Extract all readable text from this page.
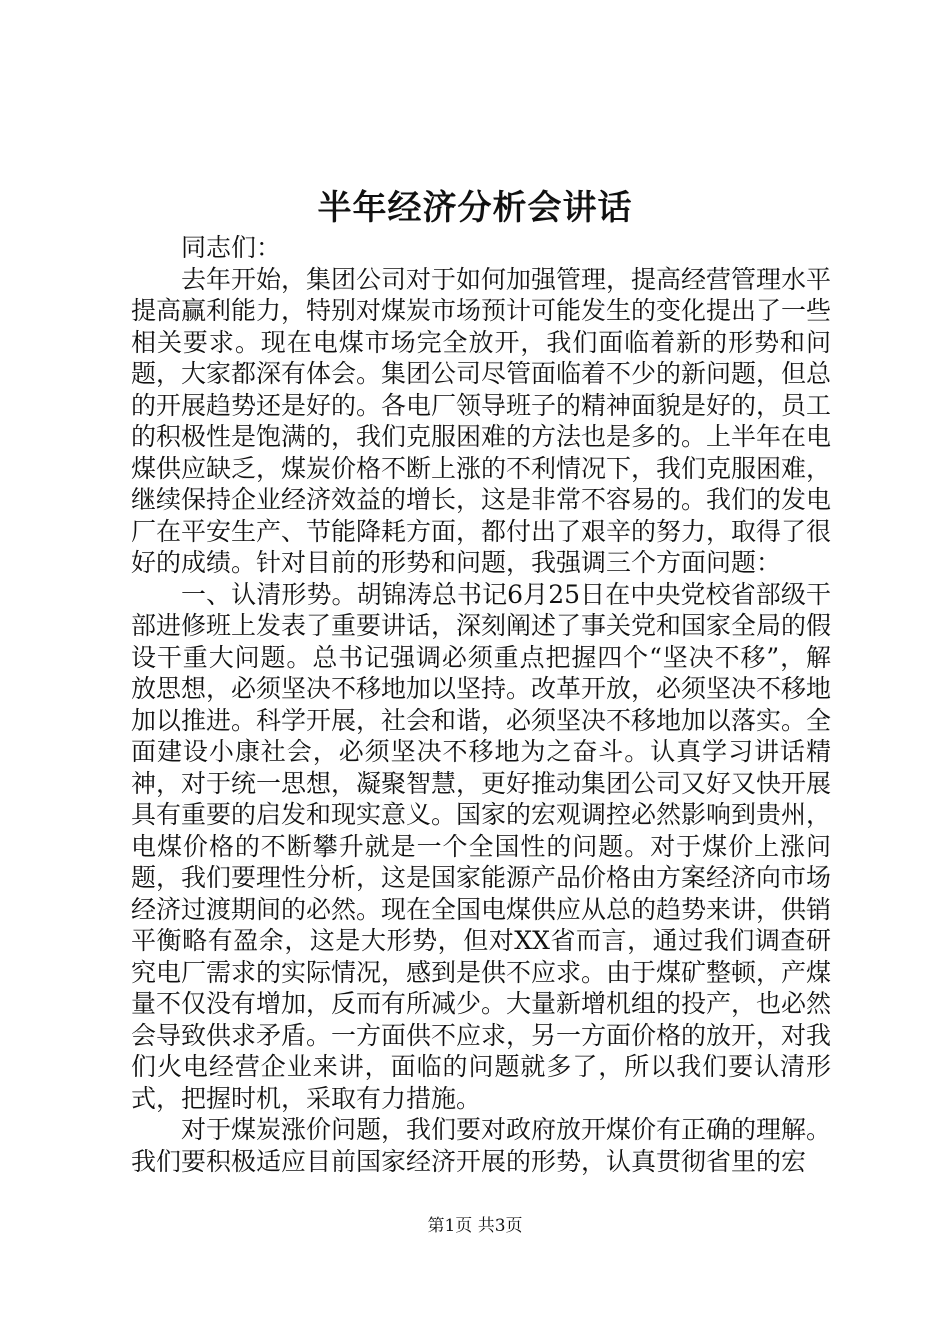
半年经济分析会讲话

同志们：

去年开始，集团公司对于如何加强管理，提高经营管理水平提高赢利能力，特别对煤炭市场预计可能发生的变化提出了一些相关要求。现在电煤市场完全放开，我们面临着新的形势和问题，大家都深有体会。集团公司尽管面临着不少的新问题，但总的开展趋势还是好的。各电厂领导班子的精神面貌是好的，员工的积极性是饱满的，我们克服困难的方法也是多的。上半年在电煤供应缺乏，煤炭价格不断上涨的不利情况下，我们克服困难，继续保持企业经济效益的增长，这是非常不容易的。我们的发电厂在平安生产、节能降耗方面，都付出了艰辛的努力，取得了很好的成绩。针对目前的形势和问题，我强调三个方面问题：

一、认清形势。胡锦涛总书记6月25日在中央党校省部级干部进修班上发表了重要讲话，深刻阐述了事关党和国家全局的假设干重大问题。总书记强调必须重点把握四个“坚决不移”，解放思想，必须坚决不移地加以坚持。改革开放，必须坚决不移地加以推进。科学开展，社会和谐，必须坚决不移地加以落实。全面建设小康社会，必须坚决不移地为之奋斗。认真学习讲话精神，对于统一思想，凝聚智慧，更好推动集团公司又好又快开展具有重要的启发和现实意义。国家的宏观调控必然影响到贵州，电煤价格的不断攀升就是一个全国性的问题。对于煤价上涨问题，我们要理性分析，这是国家能源产品价格由方案经济向市场经济过渡期间的必然。现在全国电煤供应从总的趋势来讲，供销平衡略有盈余，这是大形势，但对XX省而言，通过我们调查研究电厂需求的实际情况，感到是供不应求。由于煤矿整顿，产煤量不仅没有增加，反而有所减少。大量新增机组的投产，也必然会导致供求矛盾。一方面供不应求，另一方面价格的放开，对我们火电经营企业来讲，面临的问题就多了，所以我们要认清形式，把握时机，采取有力措施。

对于煤炭涨价问题，我们要对政府放开煤价有正确的理解。我们要积极适应目前国家经济开展的形势，认真贯彻省里的宏

第1页 共3页
